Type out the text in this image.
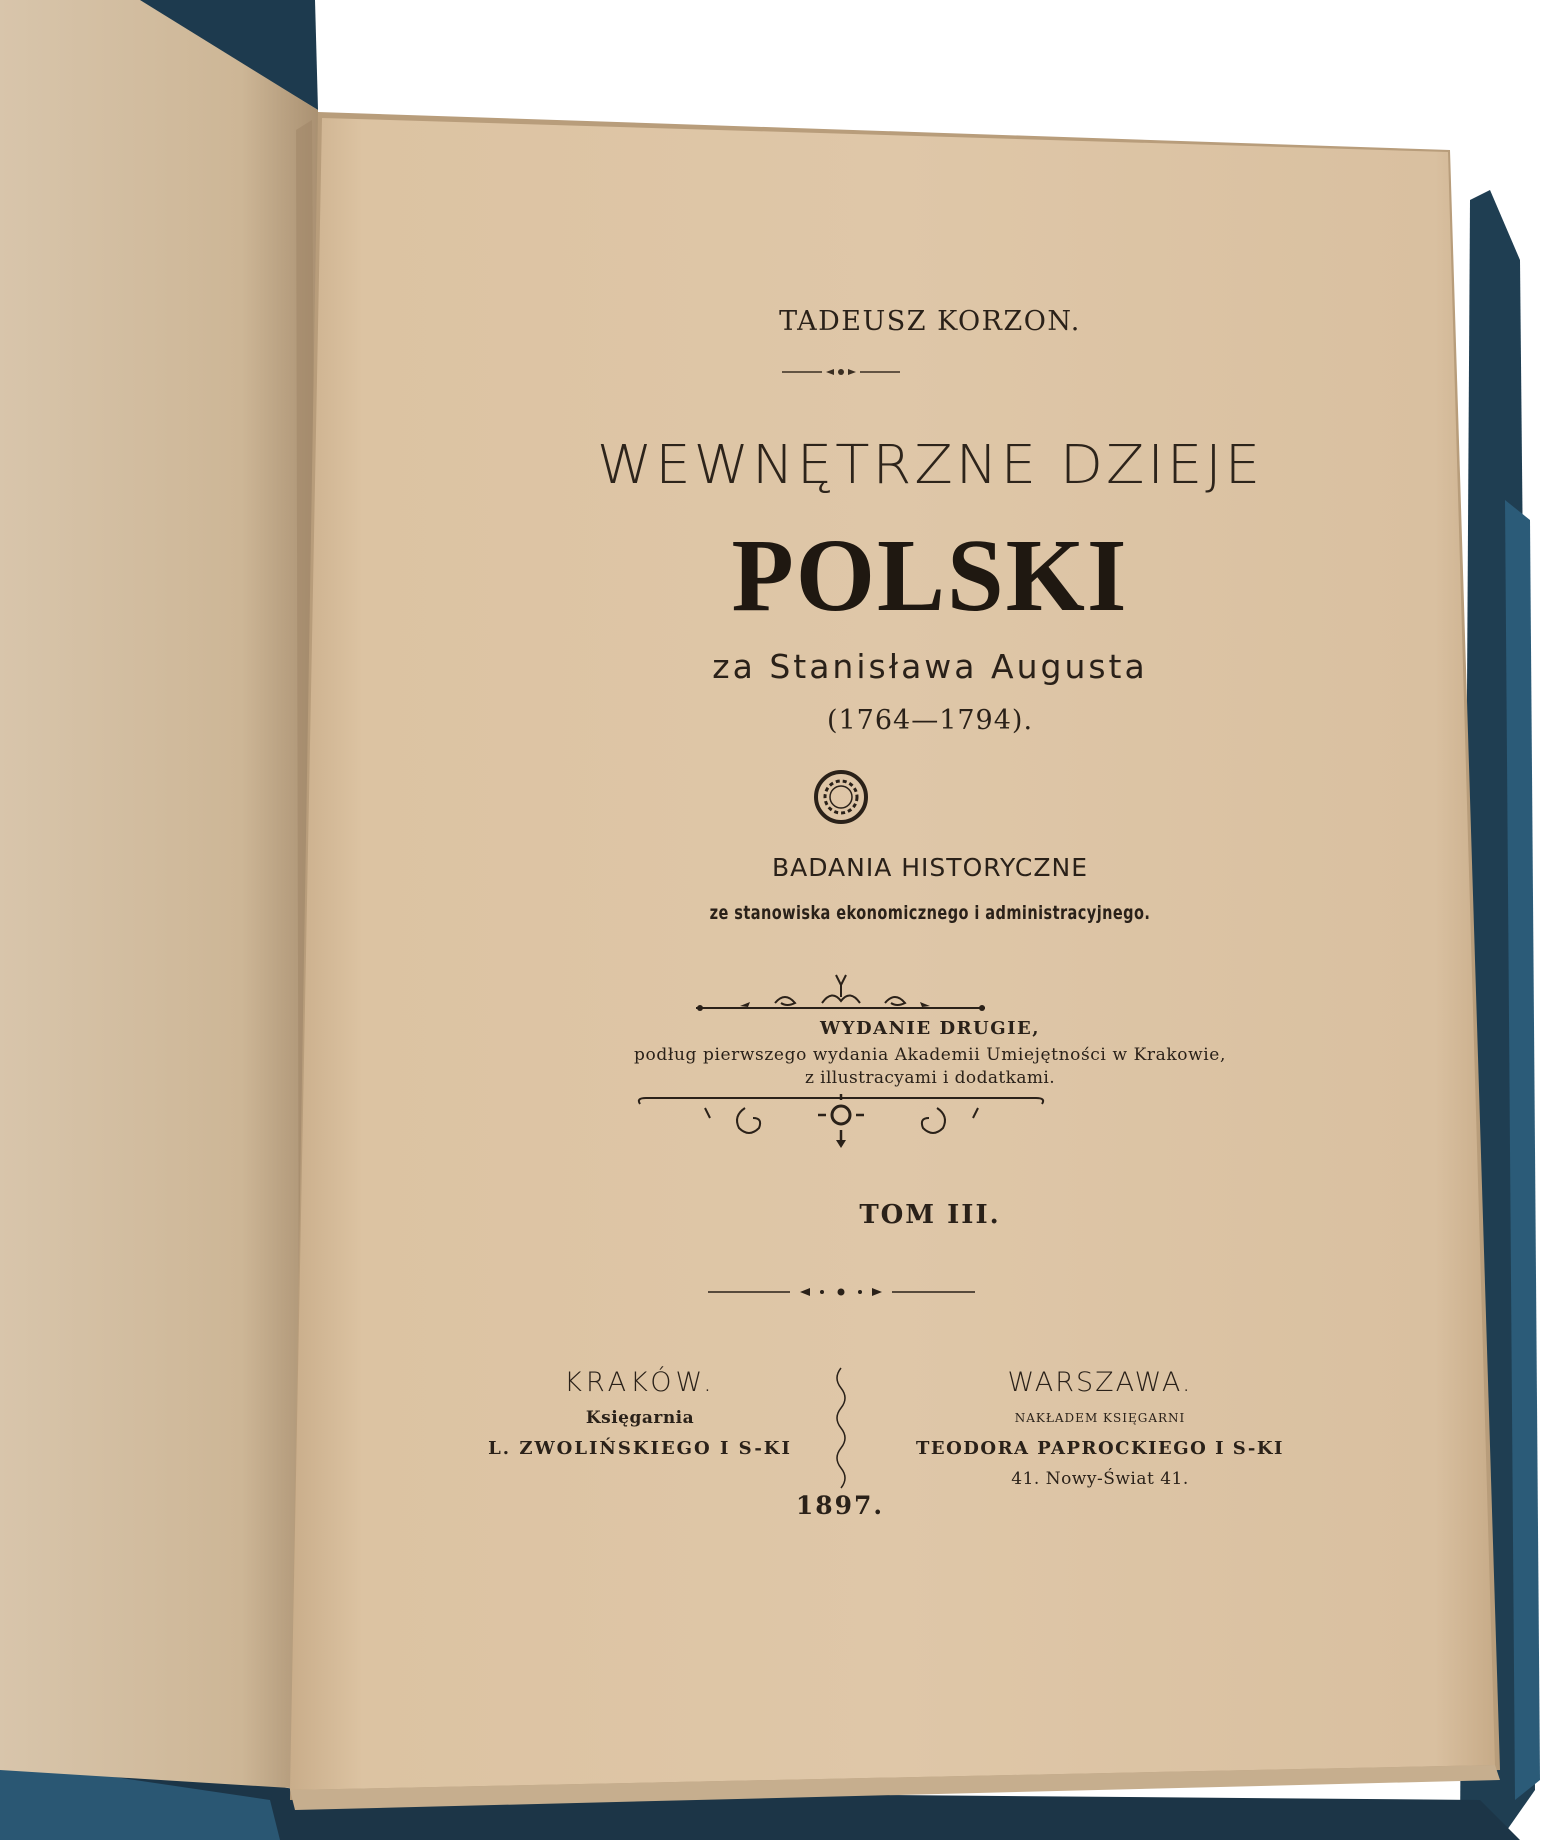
TADEUSZ KORZON.
WEWNĘTRZNE DZIEJE
POLSKI
za Stanisława Augusta
(1764—1794).
BADANIA HISTORYCZNE
ze stanowiska ekonomicznego i administracyjnego.
WYDANIE DRUGIE,
podług pierwszego wydania Akademii Umiejętności w Krakowie,
z illustracyami i dodatkami.
TOM III.
KRAKÓW.
Księgarnia
L. ZWOLIŃSKIEGO I S-KI
WARSZAWA.
NAKŁADEM KSIĘGARNI
TEODORA PAPROCKIEGO I S-KI
41. Nowy-Świat 41.
1897.
